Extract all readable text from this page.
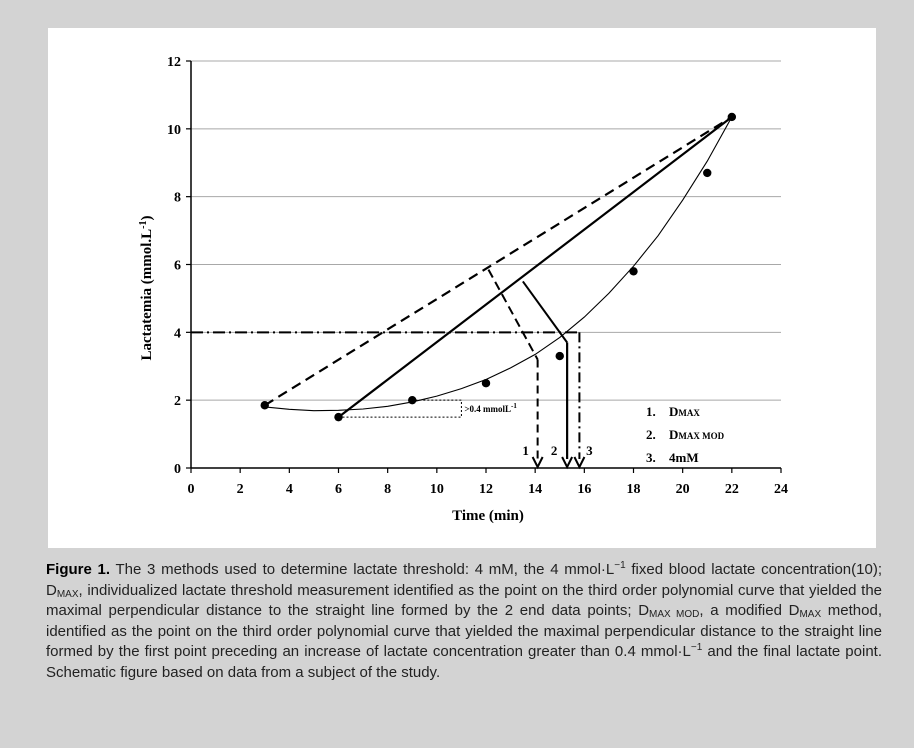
0	2	4	6	8	10	12	14	16	18	20	22	24
0
2
4
6
8
10
12
>0.4 mmolL$^{-1}$
1 2 3
1. DMAX
2. DMAX MOD
3. 4mM
Time (min)
Lactatemia $(mmol.L^{-1})$
Figure 1. The 3 methods used to determine lactate threshold: 4 mM, the 4 $mmol\cdot L^{-1}$ fixed blood lactate concentration(10); $D_{MAX}$, individualized lactate threshold measurement identified as the point on the third order polynomial curve that yielded the maximal perpendicular distance to the straight line formed by the 2 end data points; $D_{MAX MOD}$, a modified $D_{MAX}$ method, identified as the point on the third order polynomial curve that yielded the maximal perpendicular distance to the straight line formed by the first point preceding an increase of lactate concentration greater than 0.4 $mmol\cdot L^{-1}$ and the final lactate point. Schematic figure based on data from a subject of the study.
